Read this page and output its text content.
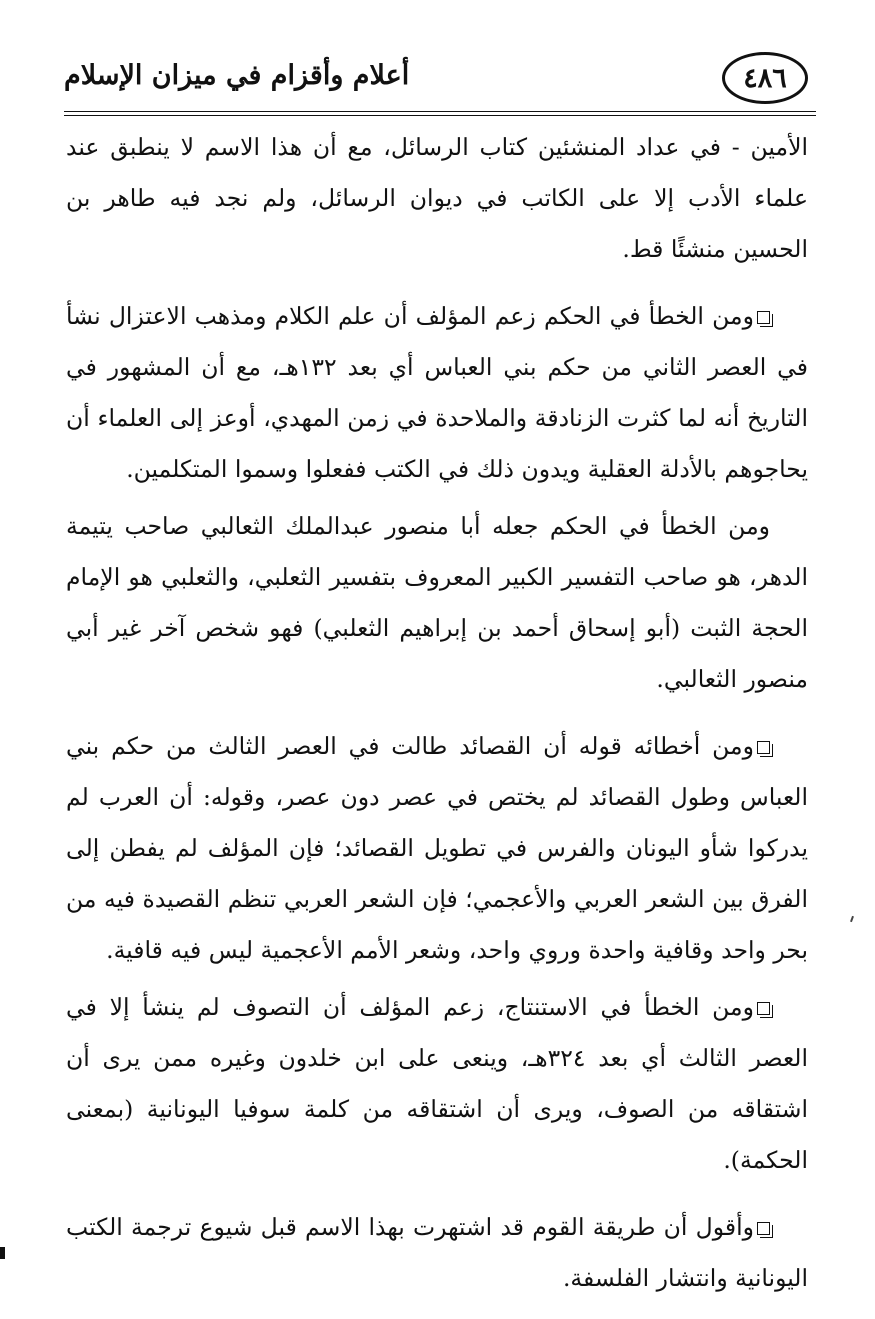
أعلام وأقزام في ميزان الإسلام	٤٨٦

الأمين - في عداد المنشئين كتاب الرسائل، مع أن هذا الاسم لا ينطبق عند علماء الأدب إلا على الكاتب في ديوان الرسائل، ولم نجد فيه طاهر بن الحسين منشئًا قط.

ومن الخطأ في الحكم زعم المؤلف أن علم الكلام ومذهب الاعتزال نشأ في العصر الثاني من حكم بني العباس أي بعد ١٣٢هـ، مع أن المشهور في التاريخ أنه لما كثرت الزنادقة والملاحدة في زمن المهدي، أوعز إلى العلماء أن يحاجوهم بالأدلة العقلية ويدون ذلك في الكتب ففعلوا وسموا المتكلمين.

ومن الخطأ في الحكم جعله أبا منصور عبدالملك الثعالبي صاحب يتيمة الدهر، هو صاحب التفسير الكبير المعروف بتفسير الثعلبي، والثعلبي هو الإمام الحجة الثبت (أبو إسحاق أحمد بن إبراهيم الثعلبي) فهو شخص آخر غير أبي منصور الثعالبي.

ومن أخطائه قوله أن القصائد طالت في العصر الثالث من حكم بني العباس وطول القصائد لم يختص في عصر دون عصر، وقوله: أن العرب لم يدركوا شأو اليونان والفرس في تطويل القصائد؛ فإن المؤلف لم يفطن إلى الفرق بين الشعر العربي والأعجمي؛ فإن الشعر العربي تنظم القصيدة فيه من بحر واحد وقافية واحدة وروي واحد، وشعر الأمم الأعجمية ليس فيه قافية.

ومن الخطأ في الاستنتاج، زعم المؤلف أن التصوف لم ينشأ إلا في العصر الثالث أي بعد ٣٢٤هـ، وينعى على ابن خلدون وغيره ممن يرى أن اشتقاقه من الصوف، ويرى أن اشتقاقه من كلمة سوفيا اليونانية (بمعنى الحكمة).

وأقول أن طريقة القوم قد اشتهرت بهذا الاسم قبل شيوع ترجمة الكتب اليونانية وانتشار الفلسفة.
